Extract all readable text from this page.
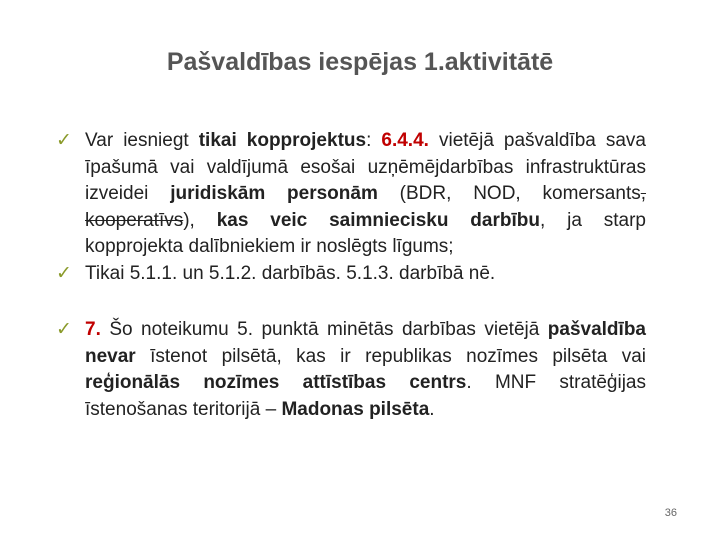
Pašvaldības iespējas 1.aktivitātē
✓ Var iesniegt tikai kopprojektus: 6.4.4. vietējā pašvaldība sava īpašumā vai valdījumā esošai uzņēmējdarbības infrastruktūras izveidei juridiskām personām (BDR, NOD, komersants, kooperatīvs), kas veic saimniecisku darbību, ja starp kopprojekta dalībniekiem ir noslēgts līgums;
✓ Tikai 5.1.1. un 5.1.2. darbībās. 5.1.3. darbībā nē.
✓ 7. Šo noteikumu 5. punktā minētās darbības vietējā pašvaldība nevar īstenot pilsētā, kas ir republikas nozīmes pilsēta vai reģionālās nozīmes attīstības centrs. MNF stratēģijas īstenošanas teritorijā – Madonas pilsēta.
36
